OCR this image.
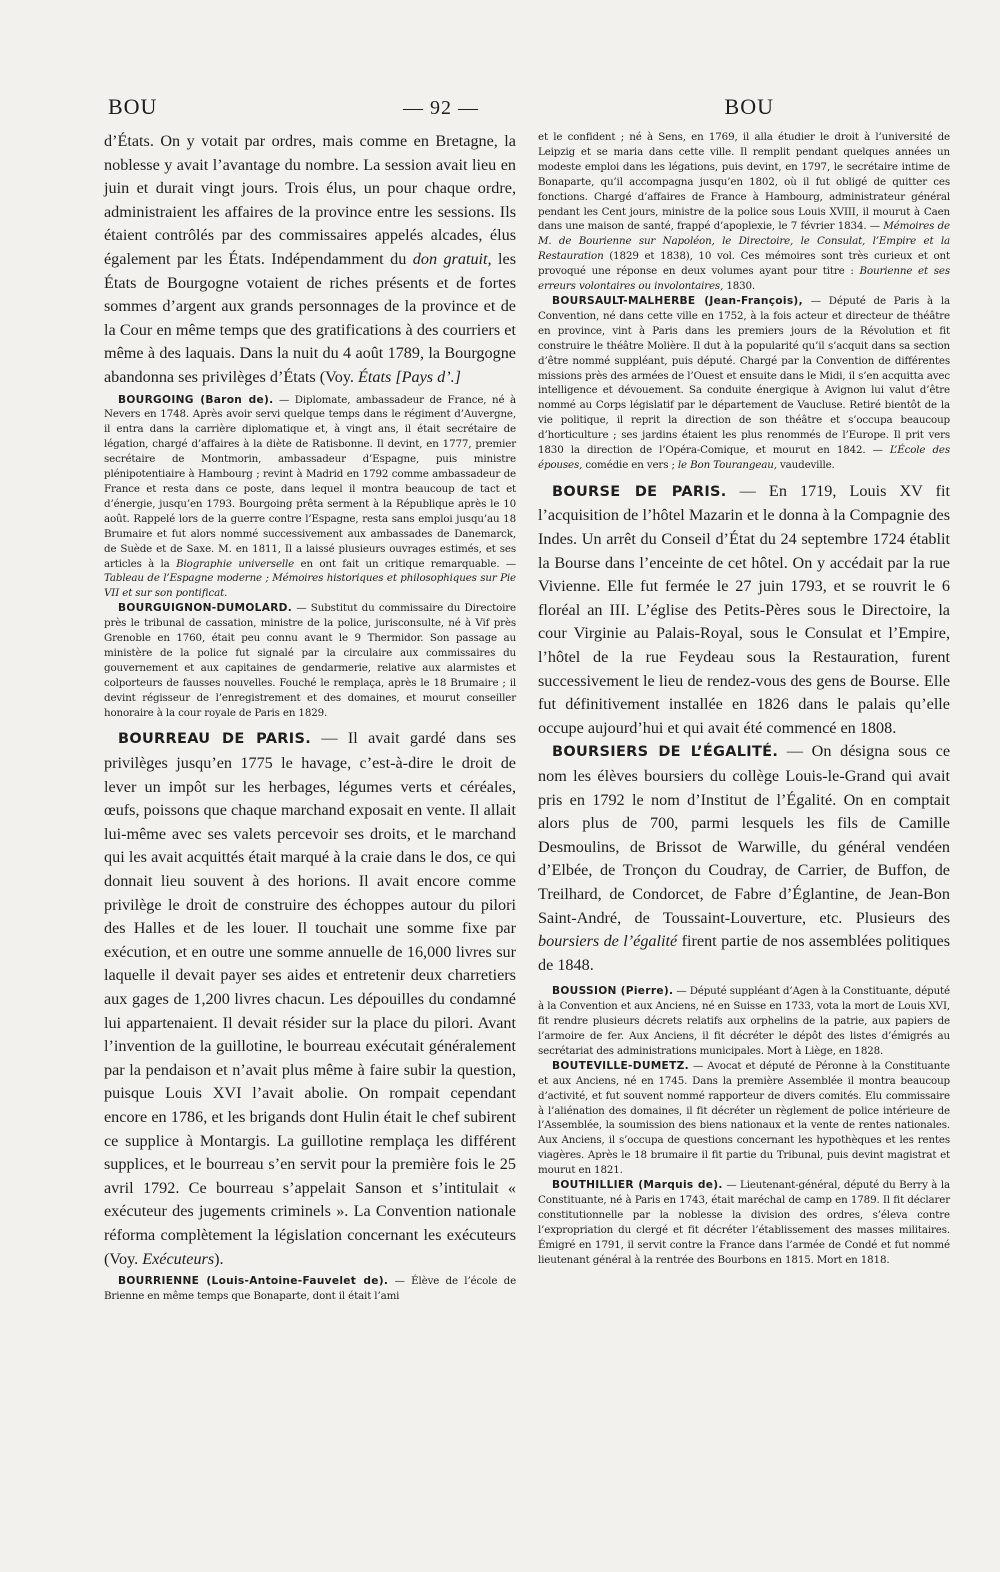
BOU	— 92 —	BOU

d’États. On y votait par ordres, mais comme en Bretagne, la noblesse y avait l’avantage du nombre. La session avait lieu en juin et durait vingt jours. Trois élus, un pour chaque ordre, administraient les affaires de la province entre les sessions. Ils étaient contrôlés par des commissaires appelés alcades, élus également par les États. Indépendamment du don gratuit, les États de Bourgogne votaient de riches présents et de fortes sommes d’argent aux grands personnages de la province et de la Cour en même temps que des gratifications à des courriers et même à des laquais. Dans la nuit du 4 août 1789, la Bourgogne abandonna ses privilèges d’États (Voy. États [Pays d’.]

BOURGOING (Baron de). — Diplomate, ambassadeur de France, né à Nevers en 1748. Après avoir servi quelque temps dans le régiment d’Auvergne, il entra dans la carrière diplomatique et, à vingt ans, il était secrétaire de légation, chargé d’affaires à la diète de Ratisbonne. Il devint, en 1777, premier secrétaire de Montmorin, ambassadeur d’Espagne, puis ministre plénipotentiaire à Hambourg ; revint à Madrid en 1792 comme ambassadeur de France et resta dans ce poste, dans lequel il montra beaucoup de tact et d’énergie, jusqu’en 1793. Bourgoing prêta serment à la République après le 10 août. Rappelé lors de la guerre contre l’Espagne, resta sans emploi jusqu’au 18 Brumaire et fut alors nommé successivement aux ambassades de Danemarck, de Suède et de Saxe. M. en 1811, Il a laissé plusieurs ouvrages estimés, et ses articles à la Biographie universelle en ont fait un critique remarquable. — Tableau de l’Espagne moderne ; Mémoires historiques et philosophiques sur Pie VII et sur son pontificat.

BOURGUIGNON-DUMOLARD. — Substitut du commissaire du Directoire près le tribunal de cassation, ministre de la police, jurisconsulte, né à Vif près Grenoble en 1760, était peu connu avant le 9 Thermidor. Son passage au ministère de la police fut signalé par la circulaire aux commissaires du gouvernement et aux capitaines de gendarmerie, relative aux alarmistes et colporteurs de fausses nouvelles. Fouché le remplaça, après le 18 Brumaire ; il devint régisseur de l’enregistrement et des domaines, et mourut conseiller honoraire à la cour royale de Paris en 1829.

BOURREAU DE PARIS. — Il avait gardé dans ses privilèges jusqu’en 1775 le havage, c’est-à-dire le droit de lever un impôt sur les herbages, légumes verts et céréales, œufs, poissons que chaque marchand exposait en vente. Il allait lui-même avec ses valets percevoir ses droits, et le marchand qui les avait acquittés était marqué à la craie dans le dos, ce qui donnait lieu souvent à des horions. Il avait encore comme privilège le droit de construire des échoppes autour du pilori des Halles et de les louer. Il touchait une somme fixe par exécution, et en outre une somme annuelle de 16,000 livres sur laquelle il devait payer ses aides et entretenir deux charretiers aux gages de 1,200 livres chacun. Les dépouilles du condamné lui appartenaient. Il devait résider sur la place du pilori. Avant l’invention de la guillotine, le bourreau exécutait généralement par la pendaison et n’avait plus même à faire subir la question, puisque Louis XVI l’avait abolie. On rompait cependant encore en 1786, et les brigands dont Hulin était le chef subirent ce supplice à Montargis. La guillotine remplaça les différent supplices, et le bourreau s’en servit pour la première fois le 25 avril 1792. Ce bourreau s’appelait Sanson et s’intitulait « exécuteur des jugements criminels ». La Convention nationale réforma complètement la législation concernant les exécuteurs (Voy. Exécuteurs).

BOURRIENNE (Louis-Antoine-Fauvelet de). — Élève de l’école de Brienne en même temps que Bonaparte, dont il était l’ami

et le confident ; né à Sens, en 1769, il alla étudier le droit à l’université de Leipzig et se maria dans cette ville. Il remplit pendant quelques années un modeste emploi dans les légations, puis devint, en 1797, le secrétaire intime de Bonaparte, qu’il accompagna jusqu’en 1802, où il fut obligé de quitter ces fonctions. Chargé d’affaires de France à Hambourg, administrateur général pendant les Cent jours, ministre de la police sous Louis XVIII, il mourut à Caen dans une maison de santé, frappé d’apoplexie, le 7 février 1834. — Mémoires de M. de Bourienne sur Napoléon, le Directoire, le Consulat, l’Empire et la Restauration (1829 et 1838), 10 vol. Ces mémoires sont très curieux et ont provoqué une réponse en deux volumes ayant pour titre : Bourienne et ses erreurs volontaires ou involontaires, 1830.

BOURSAULT-MALHERBE (Jean-François), — Député de Paris à la Convention, né dans cette ville en 1752, à la fois acteur et directeur de théâtre en province, vint à Paris dans les premiers jours de la Révolution et fit construire le théâtre Molière. Il dut à la popularité qu’il s’acquit dans sa section d’être nommé suppléant, puis député. Chargé par la Convention de différentes missions près des armées de l’Ouest et ensuite dans le Midi, il s’en acquitta avec intelligence et dévouement. Sa conduite énergique à Avignon lui valut d’être nommé au Corps législatif par le département de Vaucluse. Retiré bientôt de la vie politique, il reprit la direction de son théâtre et s’occupa beaucoup d’horticulture ; ses jardins étaient les plus renommés de l’Europe. Il prit vers 1830 la direction de l’Opéra-Comique, et mourut en 1842. — L’École des épouses, comédie en vers ; le Bon Tourangeau, vaudeville.

BOURSE DE PARIS. — En 1719, Louis XV fit l’acquisition de l’hôtel Mazarin et le donna à la Compagnie des Indes. Un arrêt du Conseil d’État du 24 septembre 1724 établit la Bourse dans l’enceinte de cet hôtel. On y accédait par la rue Vivienne. Elle fut fermée le 27 juin 1793, et se rouvrit le 6 floréal an III. L’église des Petits-Pères sous le Directoire, la cour Virginie au Palais-Royal, sous le Consulat et l’Empire, l’hôtel de la rue Feydeau sous la Restauration, furent successivement le lieu de rendez-vous des gens de Bourse. Elle fut définitivement installée en 1826 dans le palais qu’elle occupe aujourd’hui et qui avait été commencé en 1808.

BOURSIERS DE L’ÉGALITÉ. — On désigna sous ce nom les élèves boursiers du collège Louis-le-Grand qui avait pris en 1792 le nom d’Institut de l’Égalité. On en comptait alors plus de 700, parmi lesquels les fils de Camille Desmoulins, de Brissot de Warwille, du général vendéen d’Elbée, de Tronçon du Coudray, de Carrier, de Buffon, de Treilhard, de Condorcet, de Fabre d’Églantine, de Jean-Bon Saint-André, de Toussaint-Louverture, etc. Plusieurs des boursiers de l’égalité firent partie de nos assemblées politiques de 1848.

BOUSSION (Pierre). — Député suppléant d’Agen à la Constituante, député à la Convention et aux Anciens, né en Suisse en 1733, vota la mort de Louis XVI, fit rendre plusieurs décrets relatifs aux orphelins de la patrie, aux papiers de l’armoire de fer. Aux Anciens, il fit décréter le dépôt des listes d’émigrés au secrétariat des administrations municipales. Mort à Liège, en 1828.

BOUTEVILLE-DUMETZ. — Avocat et député de Péronne à la Constituante et aux Anciens, né en 1745. Dans la première Assemblée il montra beaucoup d’activité, et fut souvent nommé rapporteur de divers comités. Elu commissaire à l’aliénation des domaines, il fit décréter un règlement de police intérieure de l’Assemblée, la soumission des biens nationaux et la vente de rentes nationales. Aux Anciens, il s’occupa de questions concernant les hypothèques et les rentes viagères. Après le 18 brumaire il fit partie du Tribunal, puis devint magistrat et mourut en 1821.

BOUTHILLIER (Marquis de). — Lieutenant-général, député du Berry à la Constituante, né à Paris en 1743, était maréchal de camp en 1789. Il fit déclarer constitutionnelle par la noblesse la division des ordres, s’éleva contre l’expropriation du clergé et fit décréter l’établissement des masses militaires. Émigré en 1791, il servit contre la France dans l’armée de Condé et fut nommé lieutenant général à la rentrée des Bourbons en 1815. Mort en 1818.
